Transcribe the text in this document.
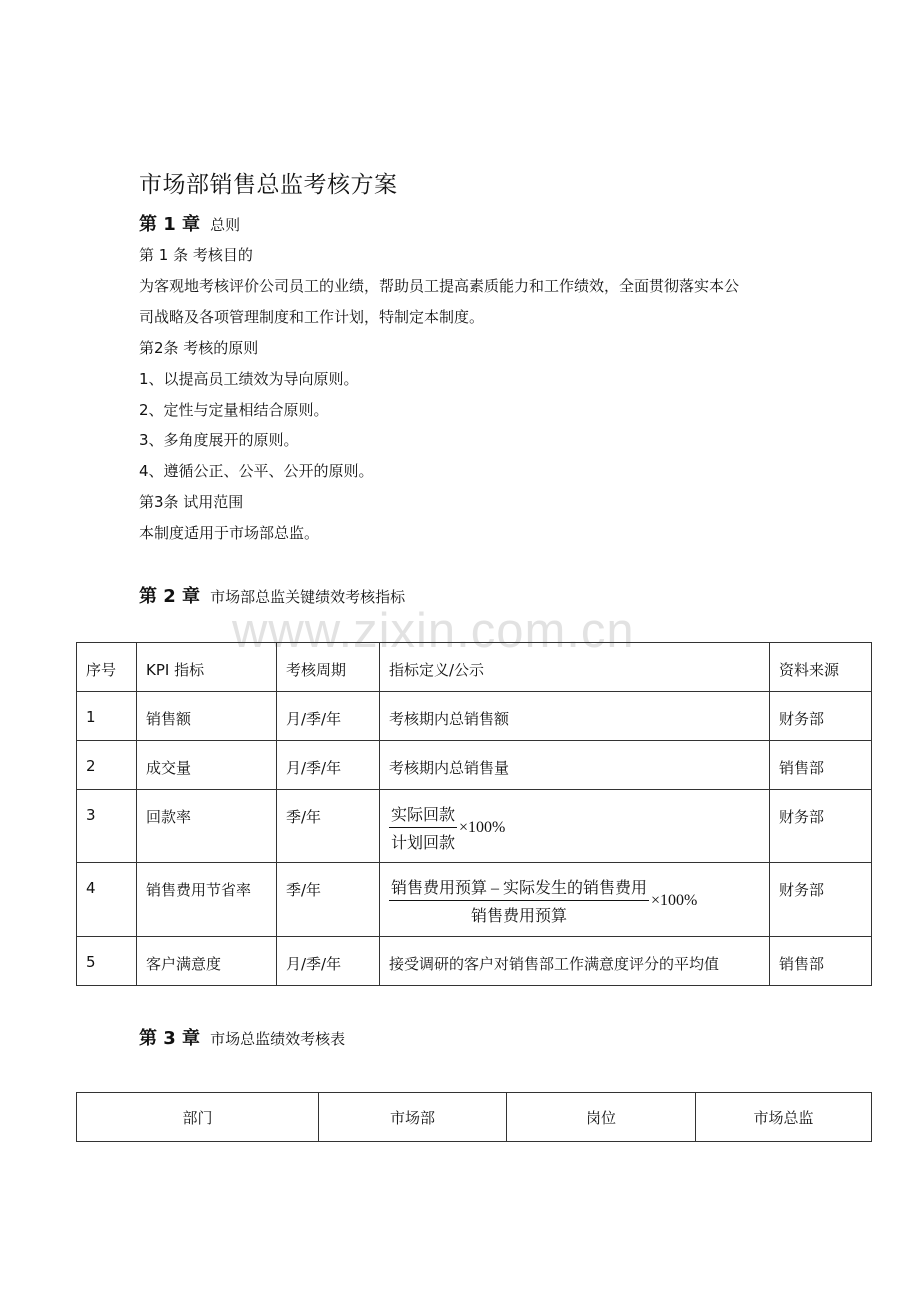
市场部销售总监考核方案
第 1 章 总则
第 1 条 考核目的
为客观地考核评价公司员工的业绩，帮助员工提高素质能力和工作绩效，全面贯彻落实本公
司战略及各项管理制度和工作计划，特制定本制度。
第2条 考核的原则
1、以提高员工绩效为导向原则。
2、定性与定量相结合原则。
3、多角度展开的原则。
4、遵循公正、公平、公开的原则。
第3条 试用范围
本制度适用于市场部总监。
第 2 章 市场部总监关键绩效考核指标
www.zixin.com.cn
序号	KPI 指标	考核周期	指标定义/公示	资料来源
1	销售额	月/季/年	考核期内总销售额	财务部
2	成交量	月/季/年	考核期内总销售量	销售部
3	回款率	季/年	$\frac{\text{实际回款}}{\text{计划回款}} \times 100\%$	财务部
4	销售费用节省率	季/年	$\frac{\text{销售费用预算 – 实际发生的销售费用}}{\text{销售费用预算}} \times 100\%$	财务部
5	客户满意度	月/季/年	接受调研的客户对销售部工作满意度评分的平均值	销售部
第 3 章 市场总监绩效考核表
部门	市场部	岗位	市场总监
